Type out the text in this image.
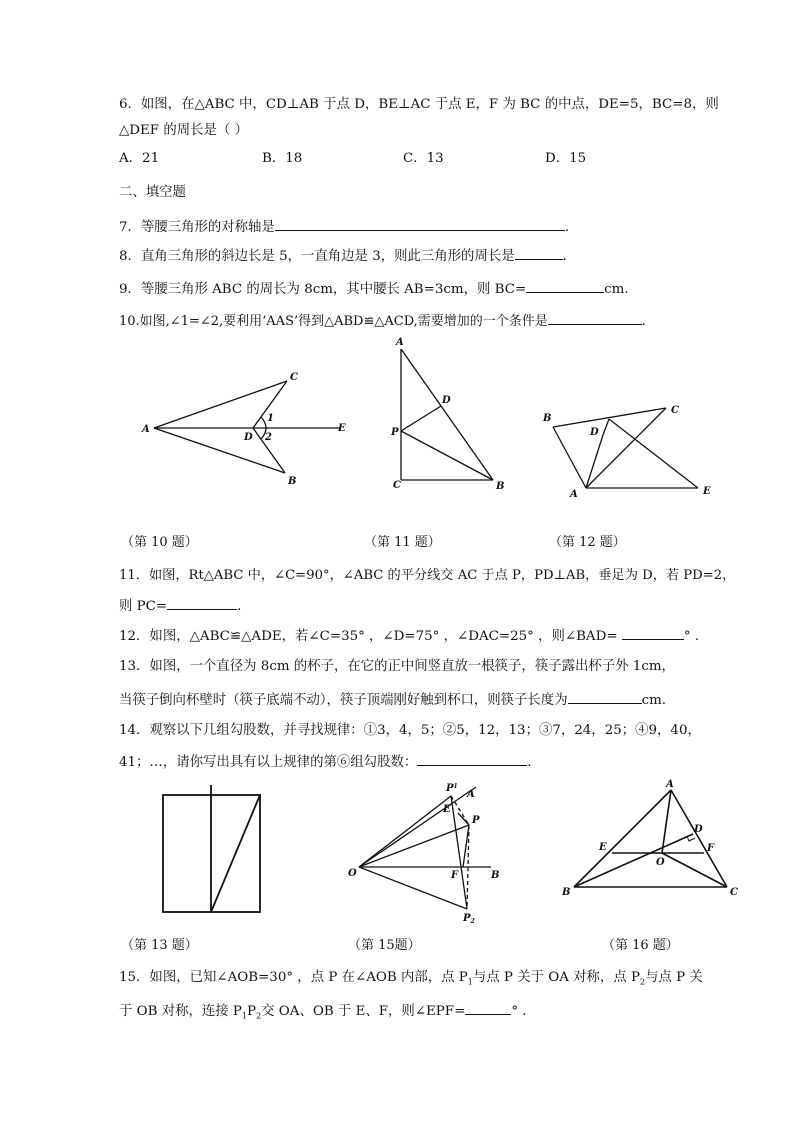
6．如图，在△ABC 中，CD⊥AB 于点 D，BE⊥AC 于点 E，F 为 BC 的中点，DE=5，BC=8，则
△DEF 的周长是（ ）
A．21	B．18	C．13	D．15
二、填空题
7．等腰三角形的对称轴是	.
8．直角三角形的斜边长是 5，一直角边是 3，则此三角形的周长是	.
9．等腰三角形 ABC 的周长为 8cm，其中腰长 AB=3cm，则 BC=	cm.
10.如图,∠1=∠2,要利用‘AAS’得到△ABD≌△ACD,需要增加的一个条件是	.
A
C
D
E
B
1
2
（第 10 题）
A
D
P
C	B
（第 11 题）
B
C
D
A	E
（第 12 题）
11．如图，Rt△ABC 中，∠C=90°，∠ABC 的平分线交 AC 于点 P，PD⊥AB，垂足为 D，若 PD=2，
则 PC=	.
12．如图，△ABC≌△ADE，若∠C=35° ，∠D=75° ，∠DAC=25° ，则∠BAD=	° .
13．如图，一个直径为 8cm 的杯子，在它的正中间竖直放一根筷子，筷子露出杯子外 1cm，
当筷子倒向杯壁时（筷子底端不动），筷子顶端刚好触到杯口，则筷子长度为	cm.
14．观察以下几组勾股数，并寻找规律：①3，4，5；②5，12，13；③7，24，25；④9，40，
41；…，请你写出具有以上规律的第⑥组勾股数：	.
（第 13 题）
$P^1$
A
E
P
O	F	B
$P_2$
（第 15题）
A
D
E	F
O
B	C
（第 16 题）
15．如图，已知∠AOB=30° ，点 P 在∠AOB 内部，点 $P_1$与点 P 关于 OA 对称，点 $P_2$与点 P 关
于 OB 对称，连接 $P_1P_2$交 OA、OB 于 E、F，则∠EPF=	° .
